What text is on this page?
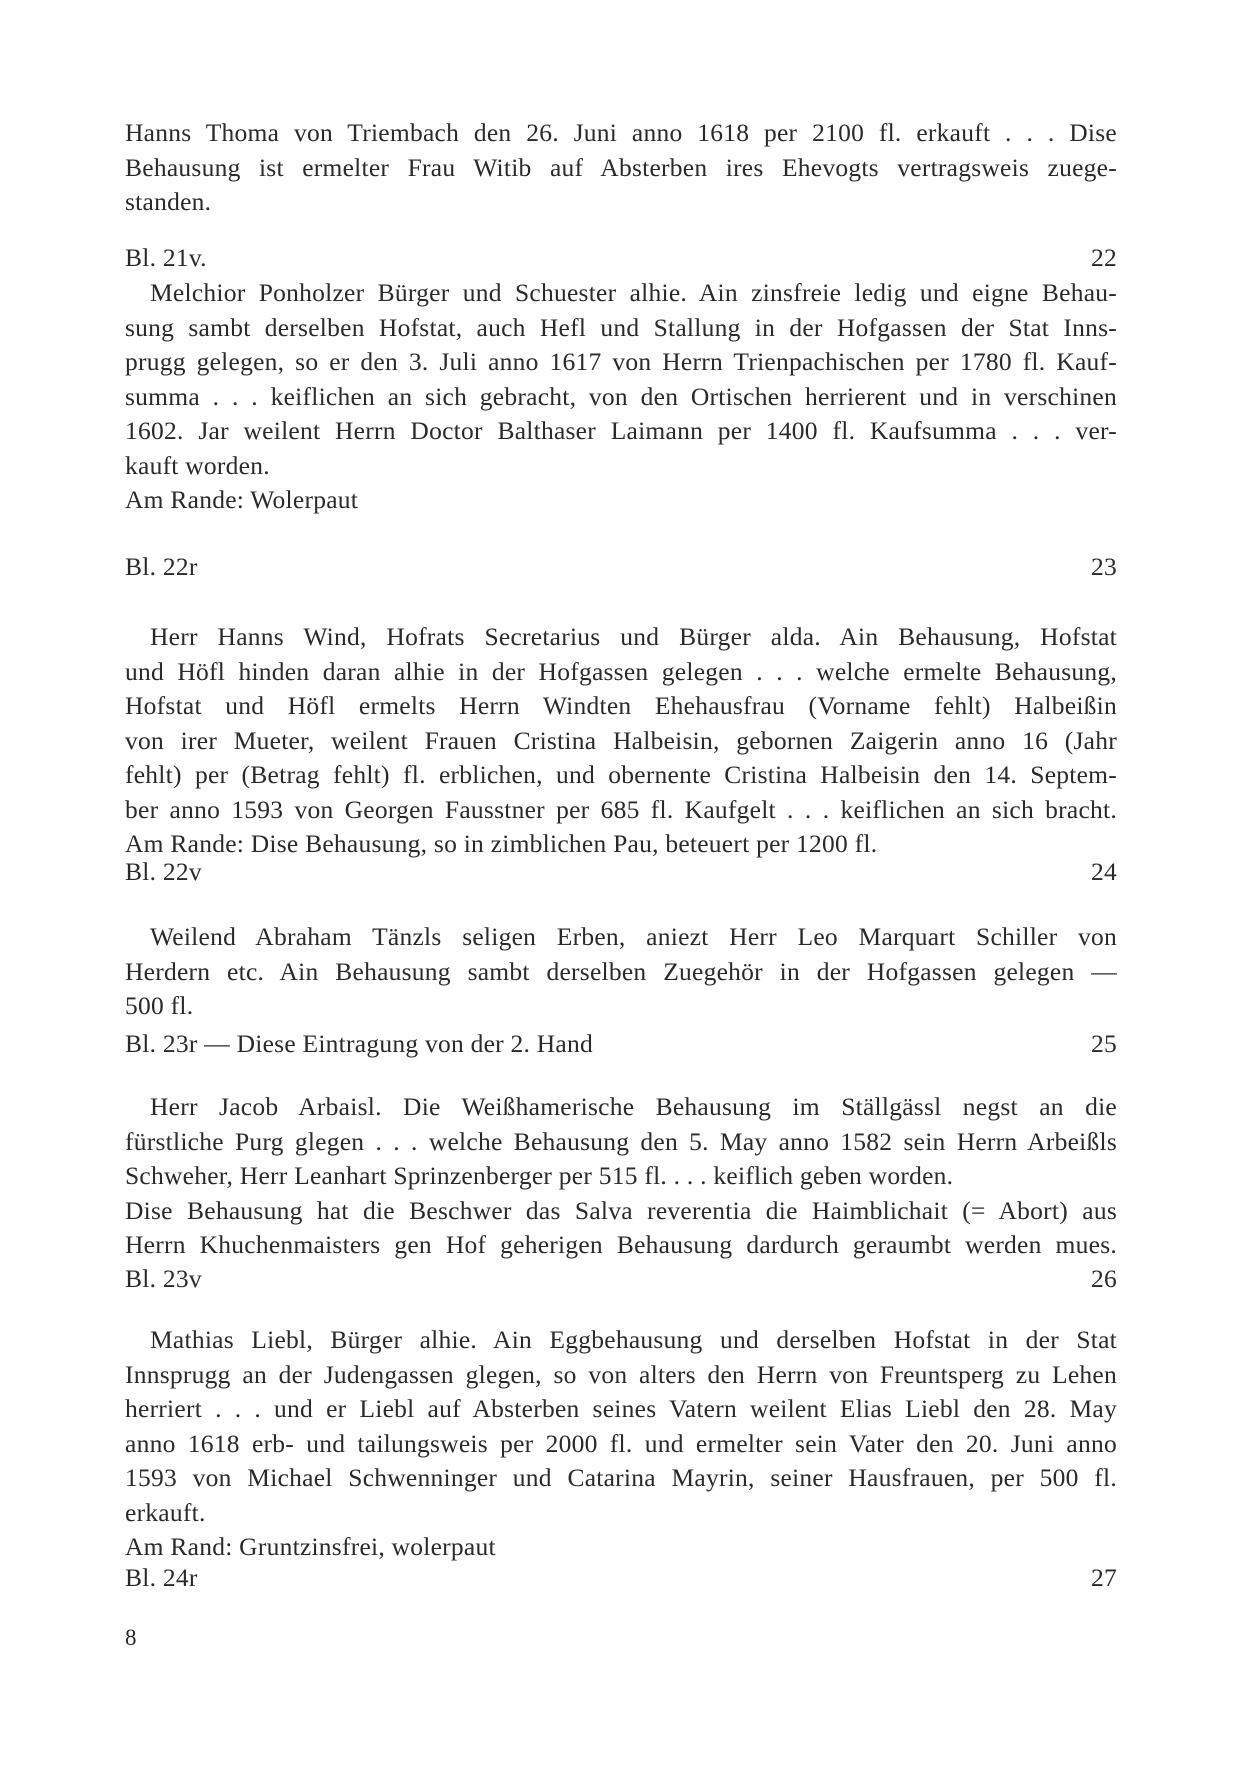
Hanns Thoma von Triembach den 26. Juni anno 1618 per 2100 fl. erkauft . . . Dise
Behausung ist ermelter Frau Witib auf Absterben ires Ehevogts vertragsweis zuege-
standen.
Bl. 21v.	22
Melchior Ponholzer Bürger und Schuester alhie. Ain zinsfreie ledig und eigne Behau-
sung sambt derselben Hofstat, auch Hefl und Stallung in der Hofgassen der Stat Inns-
prugg gelegen, so er den 3. Juli anno 1617 von Herrn Trienpachischen per 1780 fl. Kauf-
summa . . . keiflichen an sich gebracht, von den Ortischen herrierent und in verschinen
1602. Jar weilent Herrn Doctor Balthaser Laimann per 1400 fl. Kaufsumma . . . ver-
kauft worden.
Am Rande: Wolerpaut
Bl. 22r	23
Herr Hanns Wind, Hofrats Secretarius und Bürger alda. Ain Behausung, Hofstat
und Höfl hinden daran alhie in der Hofgassen gelegen . . . welche ermelte Behausung,
Hofstat und Höfl ermelts Herrn Windten Ehehausfrau (Vorname fehlt) Halbeißin
von irer Mueter, weilent Frauen Cristina Halbeisin, gebornen Zaigerin anno 16 (Jahr
fehlt) per (Betrag fehlt) fl. erblichen, und obernente Cristina Halbeisin den 14. Septem-
ber anno 1593 von Georgen Fausstner per 685 fl. Kaufgelt . . . keiflichen an sich bracht.
Am Rande: Dise Behausung, so in zimblichen Pau, beteuert per 1200 fl.
Bl. 22v	24
Weilend Abraham Tänzls seligen Erben, aniezt Herr Leo Marquart Schiller von
Herdern etc. Ain Behausung sambt derselben Zuegehör in der Hofgassen gelegen —
500 fl.
Bl. 23r — Diese Eintragung von der 2. Hand	25
Herr Jacob Arbaisl. Die Weißhamerische Behausung im Ställgässl negst an die
fürstliche Purg glegen . . . welche Behausung den 5. May anno 1582 sein Herrn Arbeißls
Schweher, Herr Leanhart Sprinzenberger per 515 fl. . . . keiflich geben worden.
Dise Behausung hat die Beschwer das Salva reverentia die Haimblichait (= Abort) aus
Herrn Khuchenmaisters gen Hof geherigen Behausung dardurch geraumbt werden mues.
Bl. 23v	26
Mathias Liebl, Bürger alhie. Ain Eggbehausung und derselben Hofstat in der Stat
Innsprugg an der Judengassen glegen, so von alters den Herrn von Freuntsperg zu Lehen
herriert . . . und er Liebl auf Absterben seines Vatern weilent Elias Liebl den 28. May
anno 1618 erb- und tailungsweis per 2000 fl. und ermelter sein Vater den 20. Juni anno
1593 von Michael Schwenninger und Catarina Mayrin, seiner Hausfrauen, per 500 fl.
erkauft.
Am Rand: Gruntzinsfrei, wolerpaut
Bl. 24r	27
8
